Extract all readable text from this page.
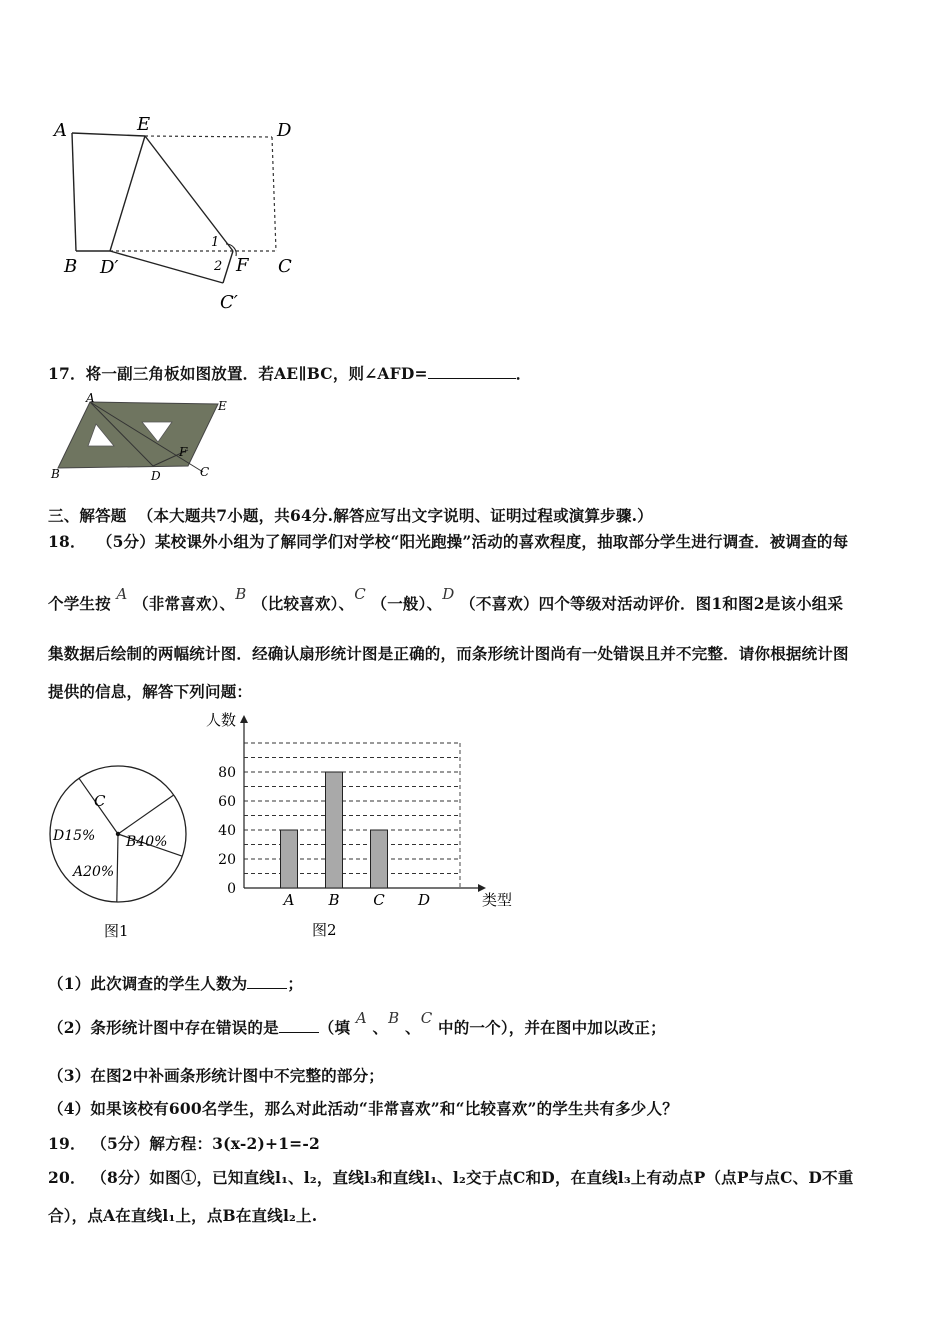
A	E	D
B D′
1
2 F C
C′
17．将一副三角板如图放置．若AE∥BC，则∠AFD=	．
A
E
B	D
F
C
三、解答题 （本大题共7小题，共64分.解答应写出文字说明、证明过程或演算步骤.）
18． （5分）某校课外小组为了解同学们对学校“阳光跑操”活动的喜欢程度，抽取部分学生进行调查．被调查的每
个学生按 A （非常喜欢）、B （比较喜欢）、C （一般）、D （不喜欢）四个等级对活动评价．图1和图2是该小组采
集数据后绘制的两幅统计图．经确认扇形统计图是正确的，而条形统计图尚有一处错误且并不完整．请你根据统计图
提供的信息，解答下列问题：
C
D15%
A20%
B40%
图1
0
20
40
60
80
A B C D
人数
类型
图2
（1）此次调查的学生人数为	；
（2）条形统计图中存在错误的是	（填 A 、B 、C 中的一个），并在图中加以改正；
（3）在图2中补画条形统计图中不完整的部分；
（4）如果该校有600名学生，那么对此活动“非常喜欢”和“比较喜欢”的学生共有多少人？
19． （5分）解方程：3(x-2)+1=-2
20． （8分）如图①，已知直线l₁、l₂，直线l₃和直线l₁、l₂交于点C和D，在直线l₃上有动点P（点P与点C、D不重
合），点A在直线l₁上，点B在直线l₂上.
